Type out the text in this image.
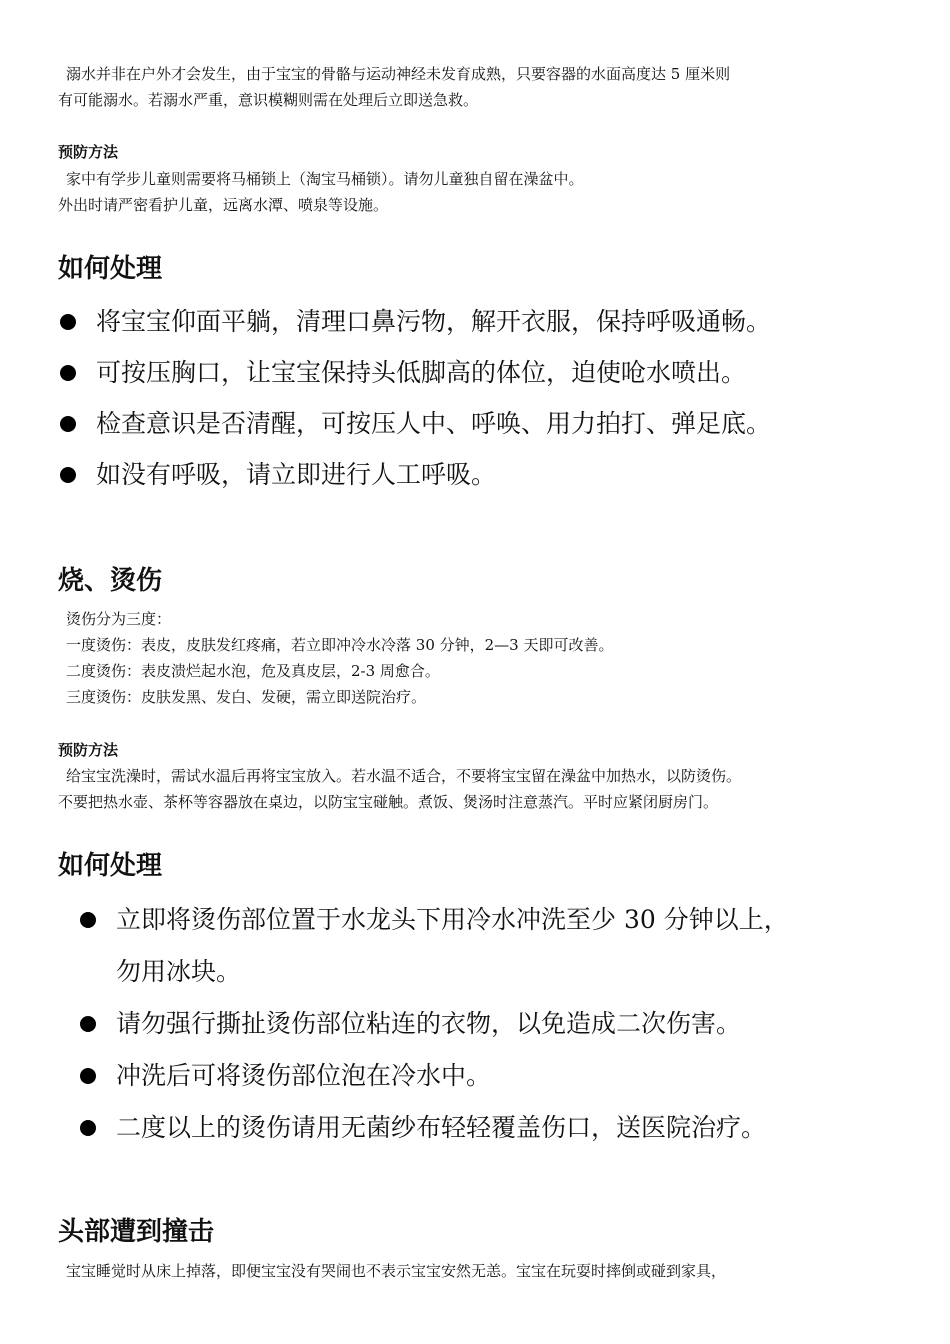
溺水并非在户外才会发生，由于宝宝的骨骼与运动神经未发育成熟，只要容器的水面高度达 5 厘米则

有可能溺水。若溺水严重，意识模糊则需在处理后立即送急救。

预防方法

家中有学步儿童则需要将马桶锁上（淘宝马桶锁）。请勿儿童独自留在澡盆中。

外出时请严密看护儿童，远离水潭、喷泉等设施。

如何处理
将宝宝仰面平躺，清理口鼻污物，解开衣服，保持呼吸通畅。
可按压胸口，让宝宝保持头低脚高的体位，迫使呛水喷出。
检查意识是否清醒，可按压人中、呼唤、用力拍打、弹足底。
如没有呼吸，请立即进行人工呼吸。
烧、烫伤

烫伤分为三度：

一度烫伤：表皮，皮肤发红疼痛，若立即冲冷水冷落 30 分钟，2—3 天即可改善。

二度烫伤：表皮溃烂起水泡，危及真皮层，2-3 周愈合。

三度烫伤：皮肤发黑、发白、发硬，需立即送院治疗。

预防方法

给宝宝洗澡时，需试水温后再将宝宝放入。若水温不适合，不要将宝宝留在澡盆中加热水，以防烫伤。

不要把热水壶、茶杯等容器放在桌边，以防宝宝碰触。煮饭、煲汤时注意蒸汽。平时应紧闭厨房门。

如何处理
立即将烫伤部位置于水龙头下用冷水冲洗至少 30 分钟以上，
勿用冰块。
请勿强行撕扯烫伤部位粘连的衣物，以免造成二次伤害。
冲洗后可将烫伤部位泡在冷水中。
二度以上的烫伤请用无菌纱布轻轻覆盖伤口，送医院治疗。
头部遭到撞击

宝宝睡觉时从床上掉落，即便宝宝没有哭闹也不表示宝宝安然无恙。宝宝在玩耍时摔倒或碰到家具，
